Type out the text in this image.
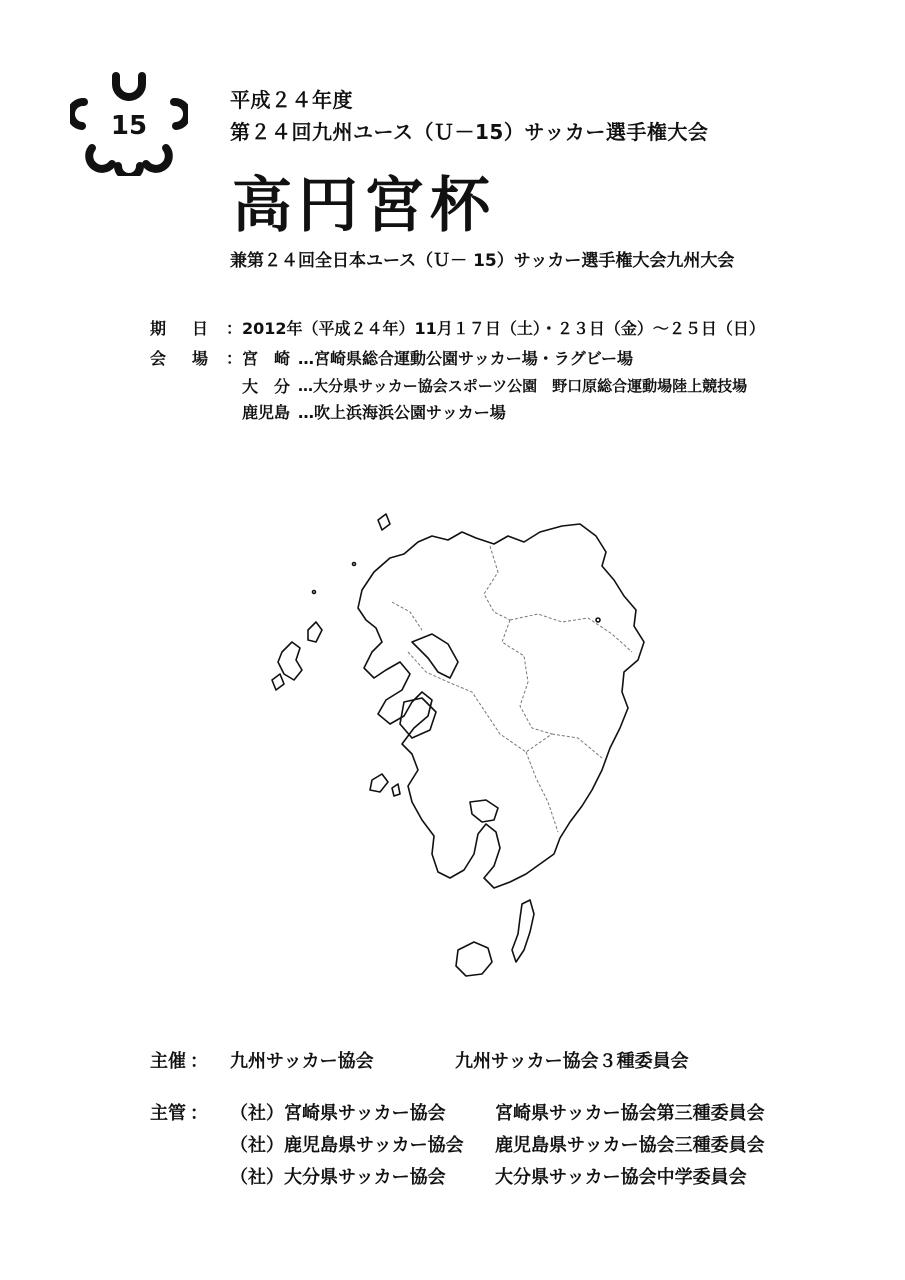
15
平成２４年度
第２４回九州ユース（Ｕ－15）サッカー選手権大会
高円宮杯
兼第２４回全日本ユース（Ｕ－ 15）サッカー選手権大会九州大会
期　日 ： 2012年（平成２４年）11月１７日（土）・２３日（金）～２５日（日）
会　場 ： 宮　崎 …宮崎県総合運動公園サッカー場・ラグビー場
大　分 …大分県サッカー協会スポーツ公園　野口原総合運動場陸上競技場
鹿児島 …吹上浜海浜公園サッカー場
主催 ：	九州サッカー協会	九州サッカー協会３種委員会
主管 ：	（社）宮崎県サッカー協会	宮崎県サッカー協会第三種委員会
（社）鹿児島県サッカー協会	鹿児島県サッカー協会三種委員会
（社）大分県サッカー協会	大分県サッカー協会中学委員会
